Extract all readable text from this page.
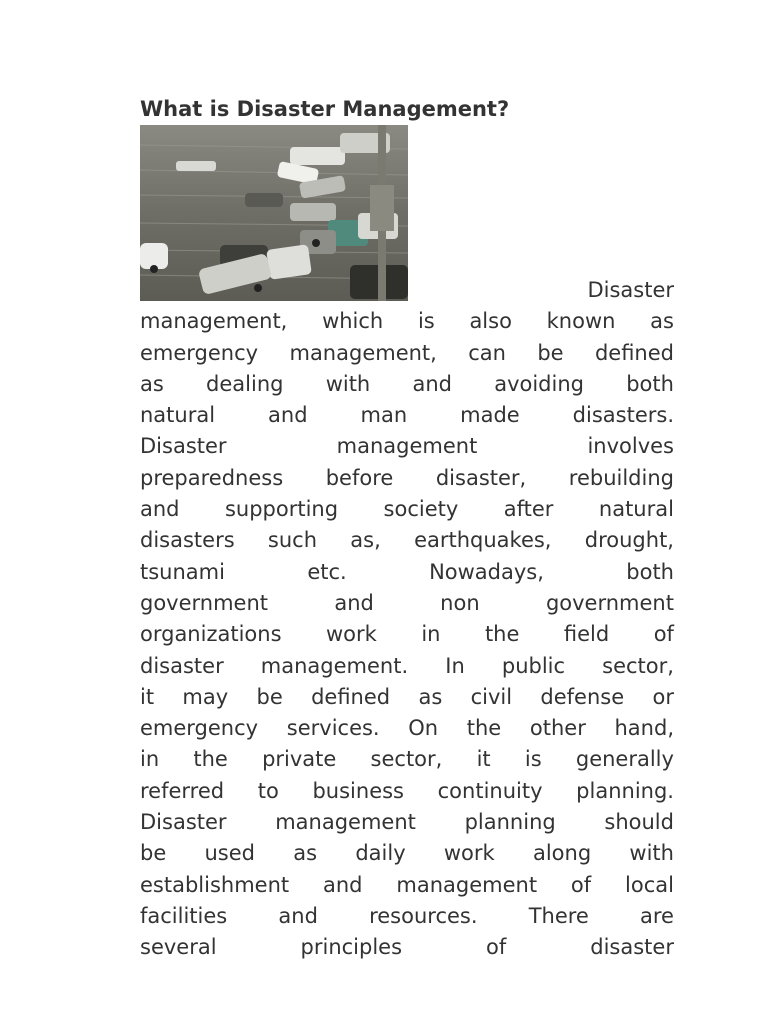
What is Disaster Management?
Disaster
management, which is also known as
emergency management, can be defined
as dealing with and avoiding both
natural	and	man	made	disasters.
Disaster	management	involves
preparedness before disaster, rebuilding
and supporting society after natural
disasters such as, earthquakes, drought,
tsunami	etc.	Nowadays,	both
government	and	non	government
organizations work in the field of
disaster management. In public sector,
it may be defined as civil defense or
emergency services. On the other hand,
in the private sector, it is generally
referred to business continuity planning.
Disaster management planning should
be used as daily work along with
establishment and management of local
facilities and resources. There are
several	principles	of	disaster
